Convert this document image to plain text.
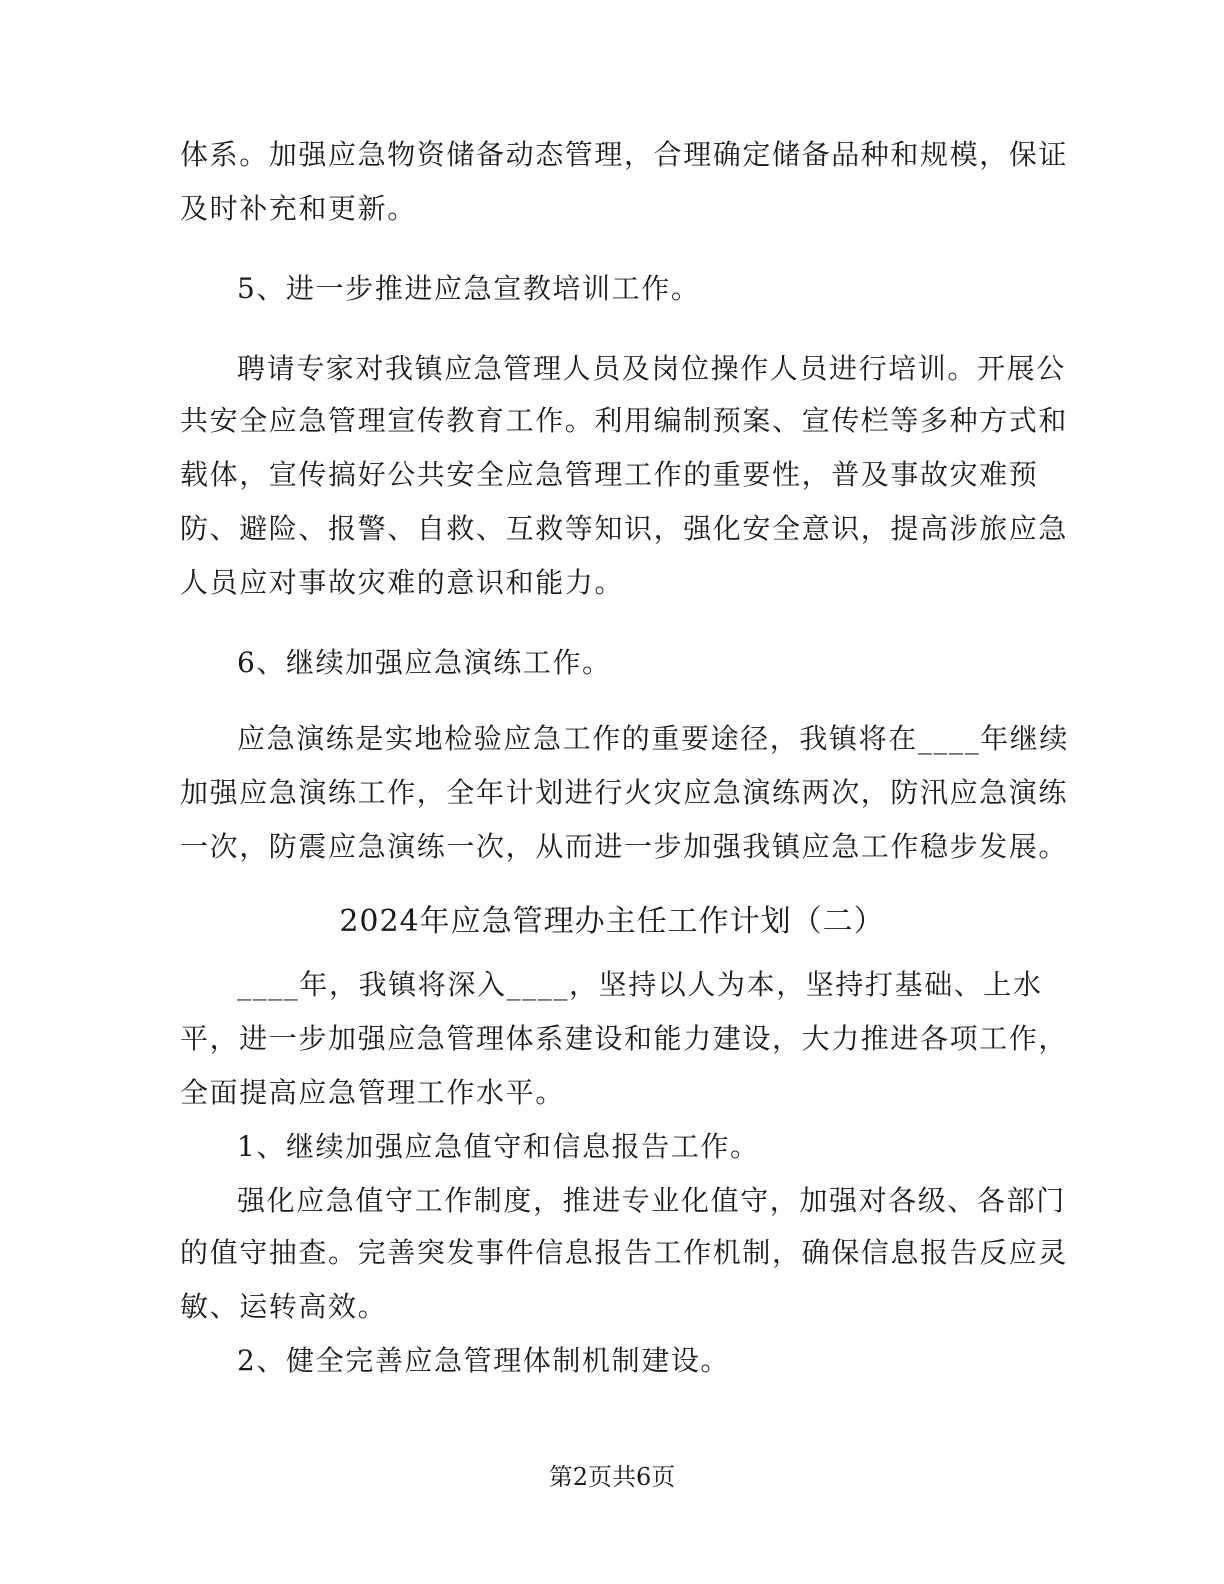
体系。加强应急物资储备动态管理，合理确定储备品种和规模，保证
及时补充和更新。
5、进一步推进应急宣教培训工作。
聘请专家对我镇应急管理人员及岗位操作人员进行培训。开展公
共安全应急管理宣传教育工作。利用编制预案、宣传栏等多种方式和
载体，宣传搞好公共安全应急管理工作的重要性，普及事故灾难预
防、避险、报警、自救、互救等知识，强化安全意识，提高涉旅应急
人员应对事故灾难的意识和能力。
6、继续加强应急演练工作。
应急演练是实地检验应急工作的重要途径，我镇将在____年继续
加强应急演练工作，全年计划进行火灾应急演练两次，防汛应急演练
一次，防震应急演练一次，从而进一步加强我镇应急工作稳步发展。
2024年应急管理办主任工作计划（二）
____年，我镇将深入____，坚持以人为本，坚持打基础、上水
平，进一步加强应急管理体系建设和能力建设，大力推进各项工作，
全面提高应急管理工作水平。
1、继续加强应急值守和信息报告工作。
强化应急值守工作制度，推进专业化值守，加强对各级、各部门
的值守抽查。完善突发事件信息报告工作机制，确保信息报告反应灵
敏、运转高效。
2、健全完善应急管理体制机制建设。
第2页共6页
